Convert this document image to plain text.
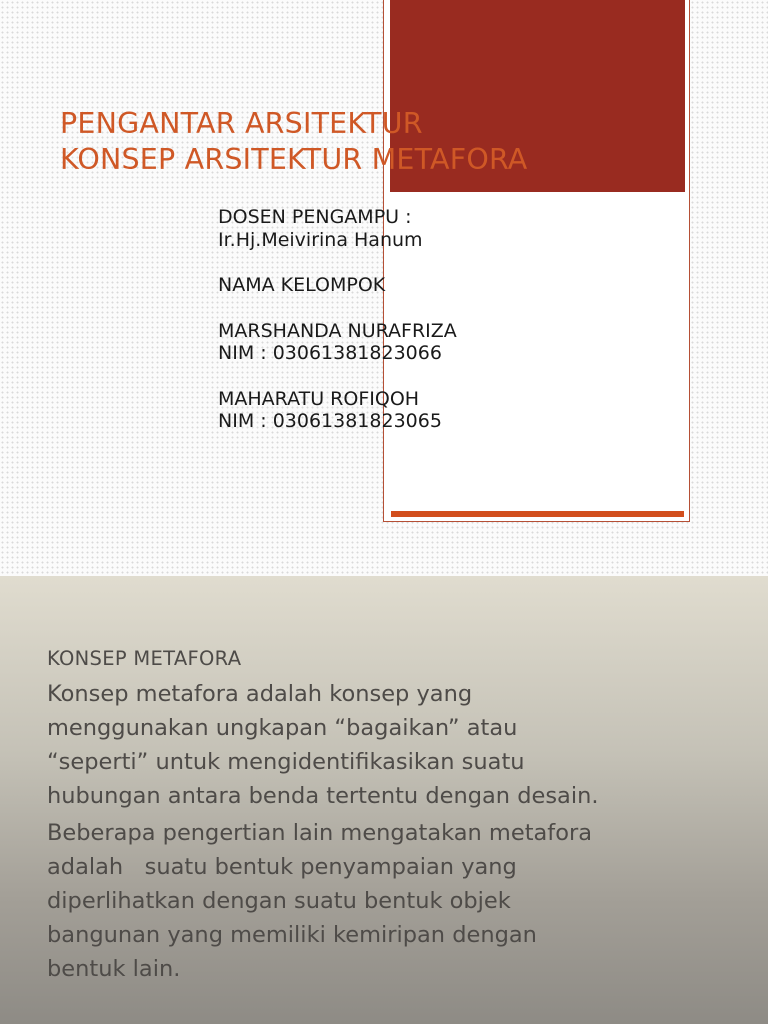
PENGANTAR ARSITEKTUR
KONSEP ARSITEKTUR METAFORA
DOSEN PENGAMPU :
Ir.Hj.Meivirina Hanum
NAMA KELOMPOK
MARSHANDA NURAFRIZA
NIM : 03061381823066
MAHARATU ROFIQOH
NIM : 03061381823065
KONSEP METAFORA

Konsep metafora adalah konsep yang
menggunakan ungkapan “bagaikan” atau
“seperti” untuk mengidentifikasikan suatu
hubungan antara benda tertentu dengan desain.

Beberapa pengertian lain mengatakan metafora
adalah   suatu bentuk penyampaian yang
diperlihatkan dengan suatu bentuk objek
bangunan yang memiliki kemiripan dengan
bentuk lain.
